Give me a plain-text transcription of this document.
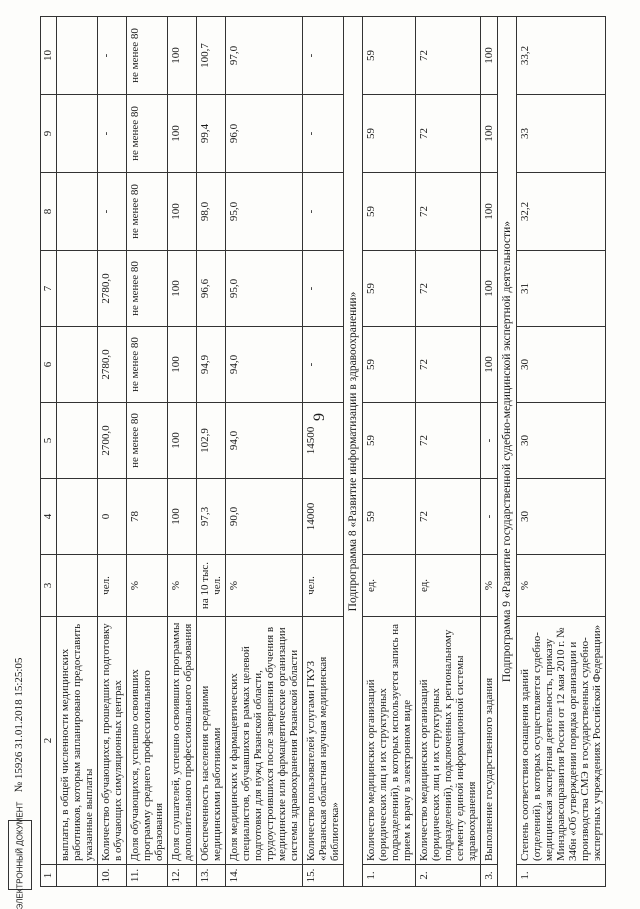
9
1	2	3	4	5	6	7	8	9	10
	выплаты, в общей численности медицинских работников, которым запланировано предоставить указанные выплаты								
10.	Количество обучающихся, прошедших подготовку в обучающих симуляционных центрах	чел.	0	2700,0	2780,0	2780,0	-	-	-
11.	Доля обучающихся, успешно освоивших программу среднего профессионального образования	%	78	не менее 80	не менее 80	не менее 80	не менее 80	не менее 80	не менее 80
12.	Доля слушателей, успешно освоивших программы дополнительного профессионального образования	%	100	100	100	100	100	100	100
13.	Обеспеченность населения средними медицинскими работниками	на 10 тыс. чел.	97,3	102,9	94,9	96,6	98,0	99,4	100,7
14.	Доля медицинских и фармацевтических специалистов, обучавшихся в рамках целевой подготовки для нужд Рязанской области, трудоустроившихся после завершения обучения в медицинские или фармацевтические организации системы здравоохранения Рязанской области	%	90,0	94,0	94,0	95,0	95,0	96,0	97,0
15.	Количество пользователей услугами ГКУЗ «Рязанская областная научная медицинская библиотека»	чел.	14000	14500	-	-	-	-	-
Подпрограмма 8 «Развитие информатизации в здравоохранении»									
1.	Количество медицинских организаций (юридических лиц и их структурных подразделений), в которых используется запись на прием к врачу в электронном виде	ед.	59	59	59	59	59	59	59
2.	Количество медицинских организаций (юридических лиц и их структурных подразделений), подключенных к региональному сегменту единой информационной системы здравоохранения	ед.	72	72	72	72	72	72	72
3.	Выполнение государственного задания	%	-	-	100	100	100	100	100
Подпрограмма 9 «Развитие государственной судебно-медицинской экспертной деятельности»									
1.	Степень соответствия оснащения зданий (отделений), в которых осуществляется судебно-медицинская экспертная деятельность, приказу Минздравсоцразвития России от 12 мая 2010 г. № 346н «Об утверждении порядка организации и производства СМЭ в государственных судебно-экспертных учреждениях Российской Федерации»	%	30	30	30	31	32,2	33	33,2
№ 15926 31.01.2018 15:25:05
ЭЛЕКТРОННЫЙ ДОКУМЕНТ
